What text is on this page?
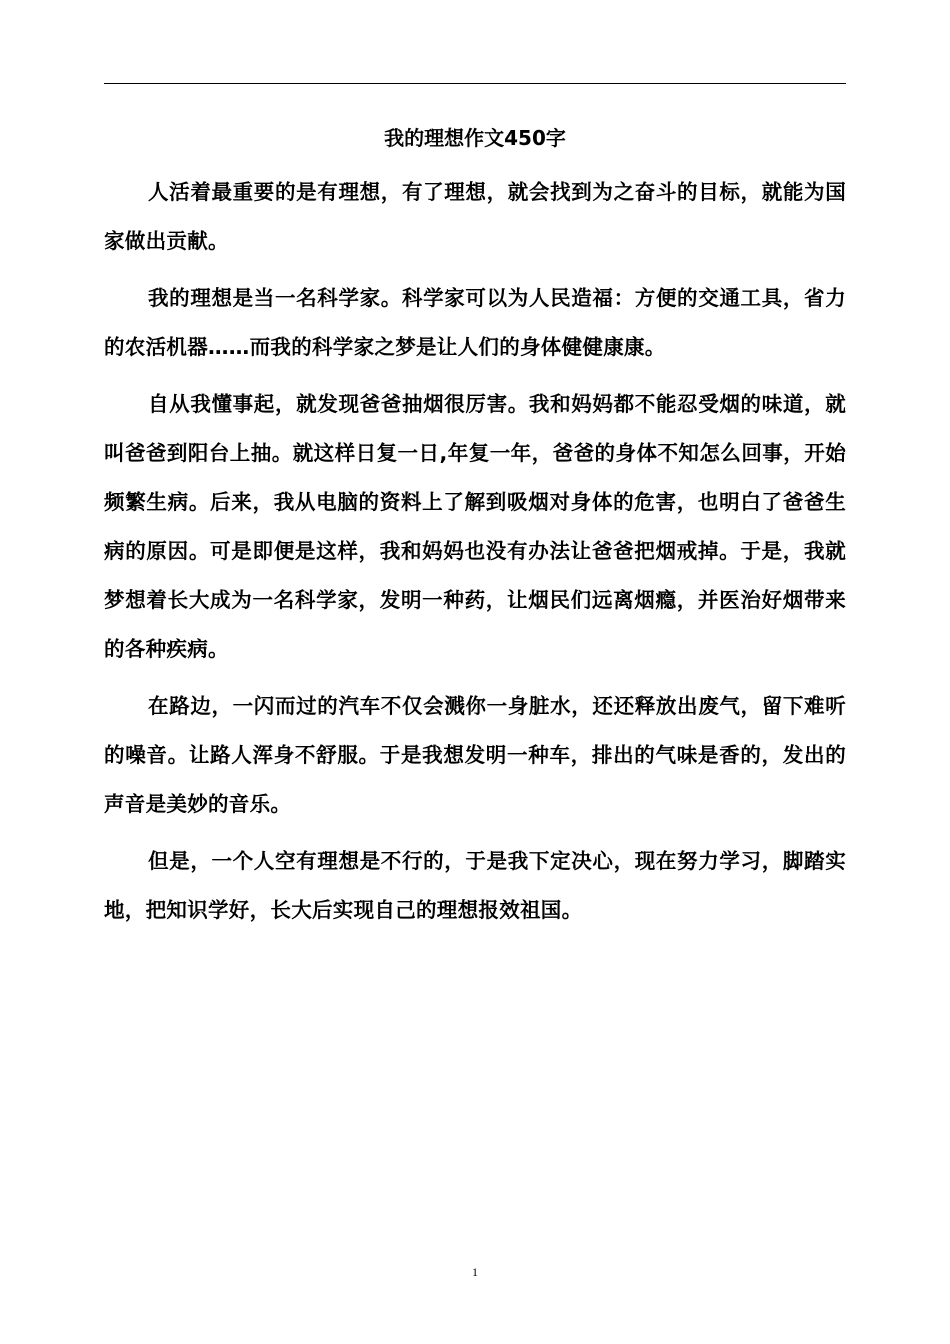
我的理想作文450字

人活着最重要的是有理想，有了理想，就会找到为之奋斗的目标，就能为国家做出贡献。

我的理想是当一名科学家。科学家可以为人民造福：方便的交通工具，省力的农活机器……而我的科学家之梦是让人们的身体健健康康。

自从我懂事起，就发现爸爸抽烟很厉害。我和妈妈都不能忍受烟的味道，就叫爸爸到阳台上抽。就这样日复一日,年复一年，爸爸的身体不知怎么回事，开始频繁生病。后来，我从电脑的资料上了解到吸烟对身体的危害，也明白了爸爸生病的原因。可是即便是这样，我和妈妈也没有办法让爸爸把烟戒掉。于是，我就梦想着长大成为一名科学家，发明一种药，让烟民们远离烟瘾，并医治好烟带来的各种疾病。

在路边，一闪而过的汽车不仅会溅你一身脏水，还还释放出废气，留下难听的噪音。让路人浑身不舒服。于是我想发明一种车，排出的气味是香的，发出的声音是美妙的音乐。

但是，一个人空有理想是不行的，于是我下定决心，现在努力学习，脚踏实地，把知识学好，长大后实现自己的理想报效祖国。

1
